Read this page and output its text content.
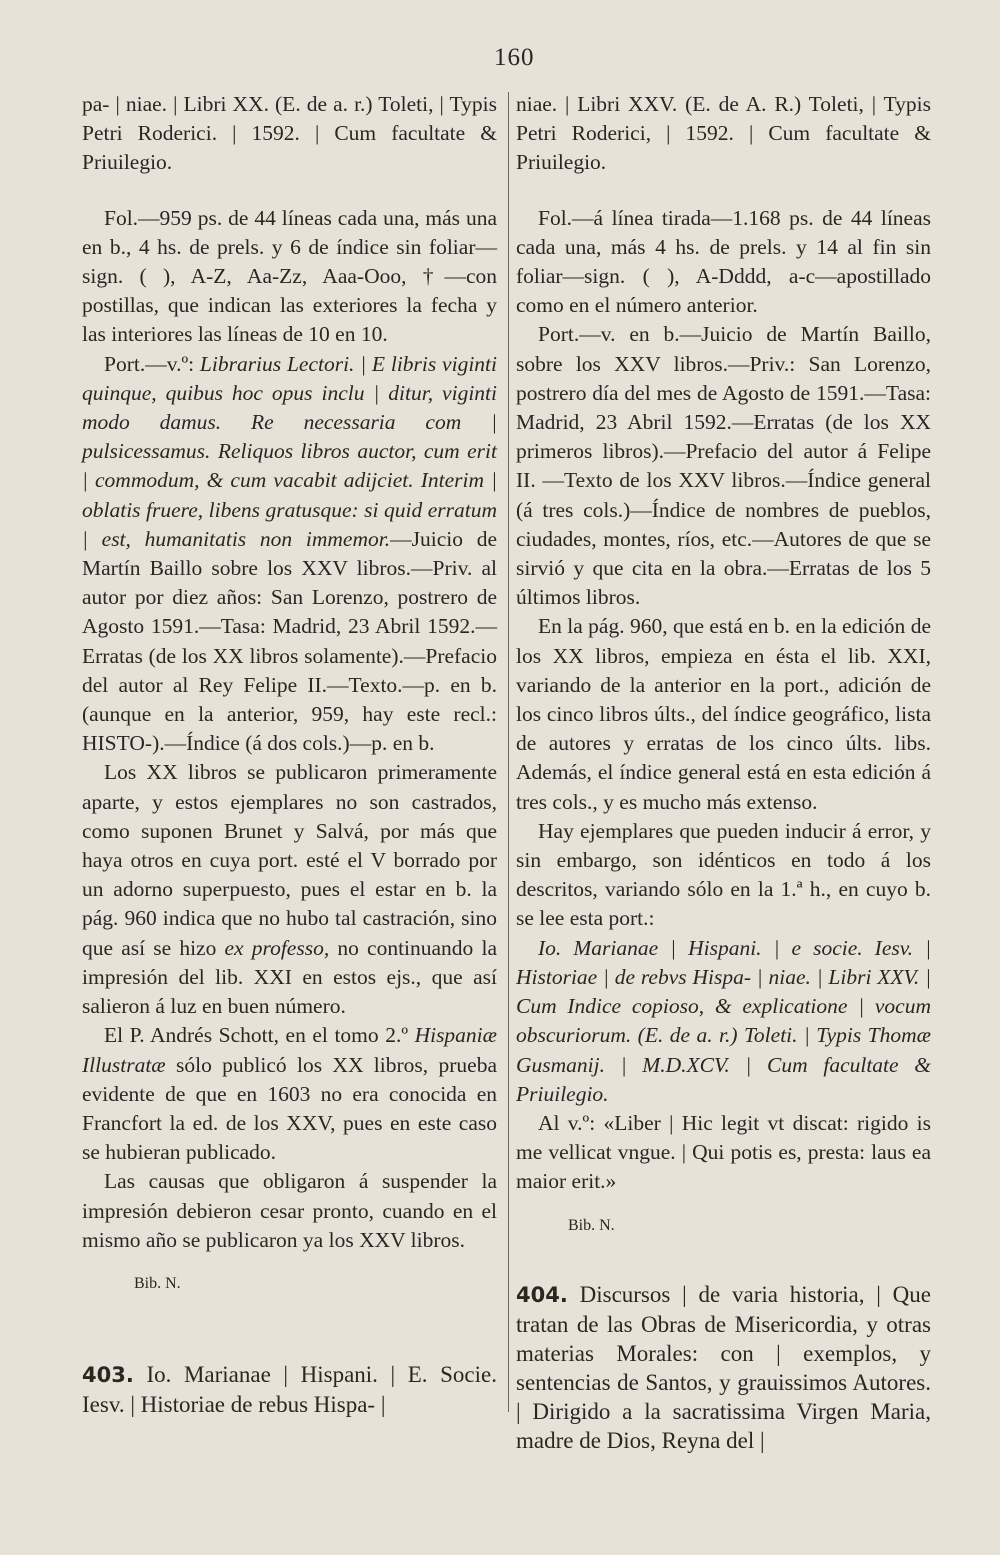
160

pa- | niae. | Libri XX. (E. de a. r.) Toleti, | Typis Petri Roderici. | 1592. | Cum facultate & Priuilegio.

Fol.—959 ps. de 44 líneas cada una, más una en b., 4 hs. de prels. y 6 de índice sin foliar—sign. ( ), A-Z, Aa-Zz, Aaa-Ooo, †—con postillas, que indican las exteriores la fecha y las interiores las líneas de 10 en 10.

Port.—v.º: Librarius Lectori. | E libris viginti quinque, quibus hoc opus inclu | ditur, viginti modo damus. Re necessaria com | pulsicessamus. Reliquos libros auctor, cum erit | commodum, & cum vacabit adijciet. Interim | oblatis fruere, libens gratusque: si quid erratum | est, humanitatis non immemor.—Juicio de Martín Baillo sobre los XXV libros.—Priv. al autor por diez años: San Lorenzo, postrero de Agosto 1591.—Tasa: Madrid, 23 Abril 1592.—Erratas (de los XX libros solamente).—Prefacio del autor al Rey Felipe II.—Texto.—p. en b. (aunque en la anterior, 959, hay este recl.: HISTO-).—Índice (á dos cols.)—p. en b.

Los XX libros se publicaron primeramente aparte, y estos ejemplares no son castrados, como suponen Brunet y Salvá, por más que haya otros en cuya port. esté el V borrado por un adorno superpuesto, pues el estar en b. la pág. 960 indica que no hubo tal castración, sino que así se hizo ex professo, no continuando la impresión del lib. XXI en estos ejs., que así salieron á luz en buen número.

El P. Andrés Schott, en el tomo 2.º Hispaniæ Illustratæ sólo publicó los XX libros, prueba evidente de que en 1603 no era conocida en Francfort la ed. de los XXV, pues en este caso se hubieran publicado.

Las causas que obligaron á suspender la impresión debieron cesar pronto, cuando en el mismo año se publicaron ya los XXV libros.

Bib. N.

403. Io. Marianae | Hispani. | E. Socie. Iesv. | Historiae de rebus Hispa- |

niae. | Libri XXV. (E. de A. R.) Toleti, | Typis Petri Roderici, | 1592. | Cum facultate & Priuilegio.

Fol.—á línea tirada—1.168 ps. de 44 líneas cada una, más 4 hs. de prels. y 14 al fin sin foliar—sign. ( ), A-Dddd, a-c—apostillado como en el número anterior.

Port.—v. en b.—Juicio de Martín Baillo, sobre los XXV libros.—Priv.: San Lorenzo, postrero día del mes de Agosto de 1591.—Tasa: Madrid, 23 Abril 1592.—Erratas (de los XX primeros libros).—Prefacio del autor á Felipe II. —Texto de los XXV libros.—Índice general (á tres cols.)—Índice de nombres de pueblos, ciudades, montes, ríos, etc.—Autores de que se sirvió y que cita en la obra.—Erratas de los 5 últimos libros.

En la pág. 960, que está en b. en la edición de los XX libros, empieza en ésta el lib. XXI, variando de la anterior en la port., adición de los cinco libros últs., del índice geográfico, lista de autores y erratas de los cinco últs. libs. Además, el índice general está en esta edición á tres cols., y es mucho más extenso.

Hay ejemplares que pueden inducir á error, y sin embargo, son idénticos en todo á los descritos, variando sólo en la 1.ª h., en cuyo b. se lee esta port.:

Io. Marianae | Hispani. | e socie. Iesv. | Historiae | de rebvs Hispa- | niae. | Libri XXV. | Cum Indice copioso, & explicatione | vocum obscuriorum. (E. de a. r.) Toleti. | Typis Thomæ Gusmanij. | M.D.XCV. | Cum facultate & Priuilegio.

Al v.º: «Liber | Hic legit vt discat: rigido is me vellicat vngue. | Qui potis es, presta: laus ea maior erit.»

Bib. N.

404. Discursos | de varia historia, | Que tratan de las Obras de Misericordia, y otras materias Morales: con | exemplos, y sentencias de Santos, y grauissimos Autores. | Dirigido a la sacratissima Virgen Maria, madre de Dios, Reyna del |
